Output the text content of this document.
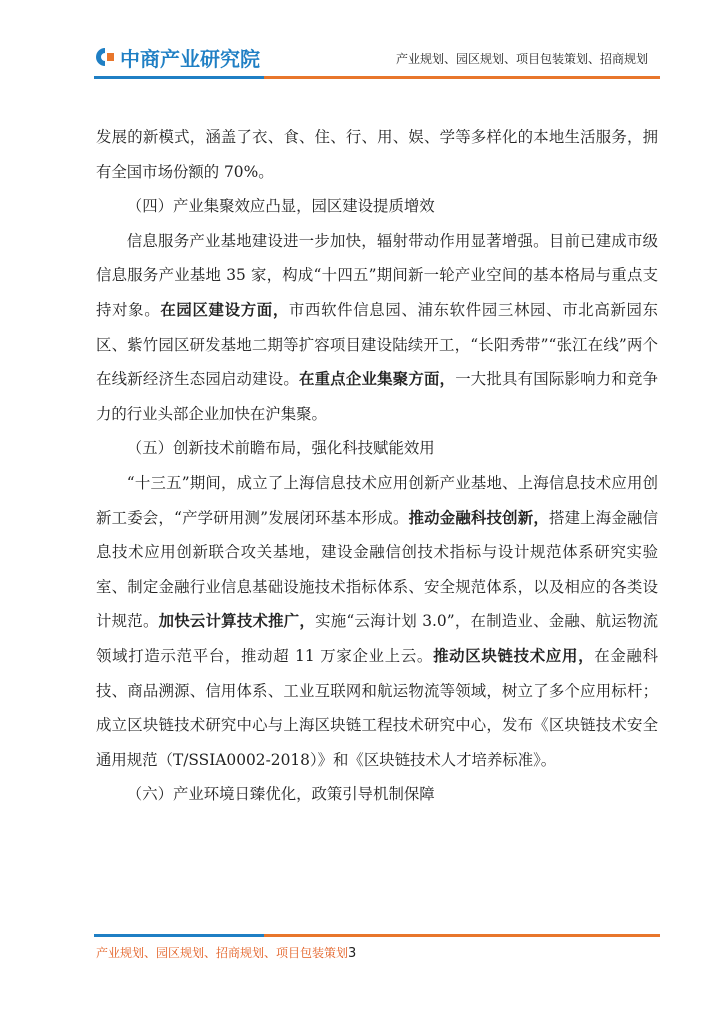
中商产业研究院	产业规划、园区规划、项目包装策划、招商规划

发展的新模式，涵盖了衣、食、住、行、用、娱、学等多样化的本地生活服务，拥有全国市场份额的 70%。

（四）产业集聚效应凸显，园区建设提质增效

信息服务产业基地建设进一步加快，辐射带动作用显著增强。目前已建成市级信息服务产业基地 35 家，构成“十四五”期间新一轮产业空间的基本格局与重点支持对象。在园区建设方面，市西软件信息园、浦东软件园三林园、市北高新园东区、紫竹园区研发基地二期等扩容项目建设陆续开工，“长阳秀带”“张江在线”两个在线新经济生态园启动建设。在重点企业集聚方面，一大批具有国际影响力和竞争力的行业头部企业加快在沪集聚。

（五）创新技术前瞻布局，强化科技赋能效用

“十三五”期间，成立了上海信息技术应用创新产业基地、上海信息技术应用创新工委会，“产学研用测”发展闭环基本形成。推动金融科技创新，搭建上海金融信息技术应用创新联合攻关基地，建设金融信创技术指标与设计规范体系研究实验室、制定金融行业信息基础设施技术指标体系、安全规范体系，以及相应的各类设计规范。加快云计算技术推广，实施“云海计划 3.0”，在制造业、金融、航运物流领域打造示范平台，推动超 11 万家企业上云。推动区块链技术应用，在金融科技、商品溯源、信用体系、工业互联网和航运物流等领域，树立了多个应用标杆；成立区块链技术研究中心与上海区块链工程技术研究中心，发布《区块链技术安全通用规范（T/SSIA0002-2018）》和《区块链技术人才培养标准》。

（六）产业环境日臻优化，政策引导机制保障

产业规划、园区规划、招商规划、项目包装策划3
